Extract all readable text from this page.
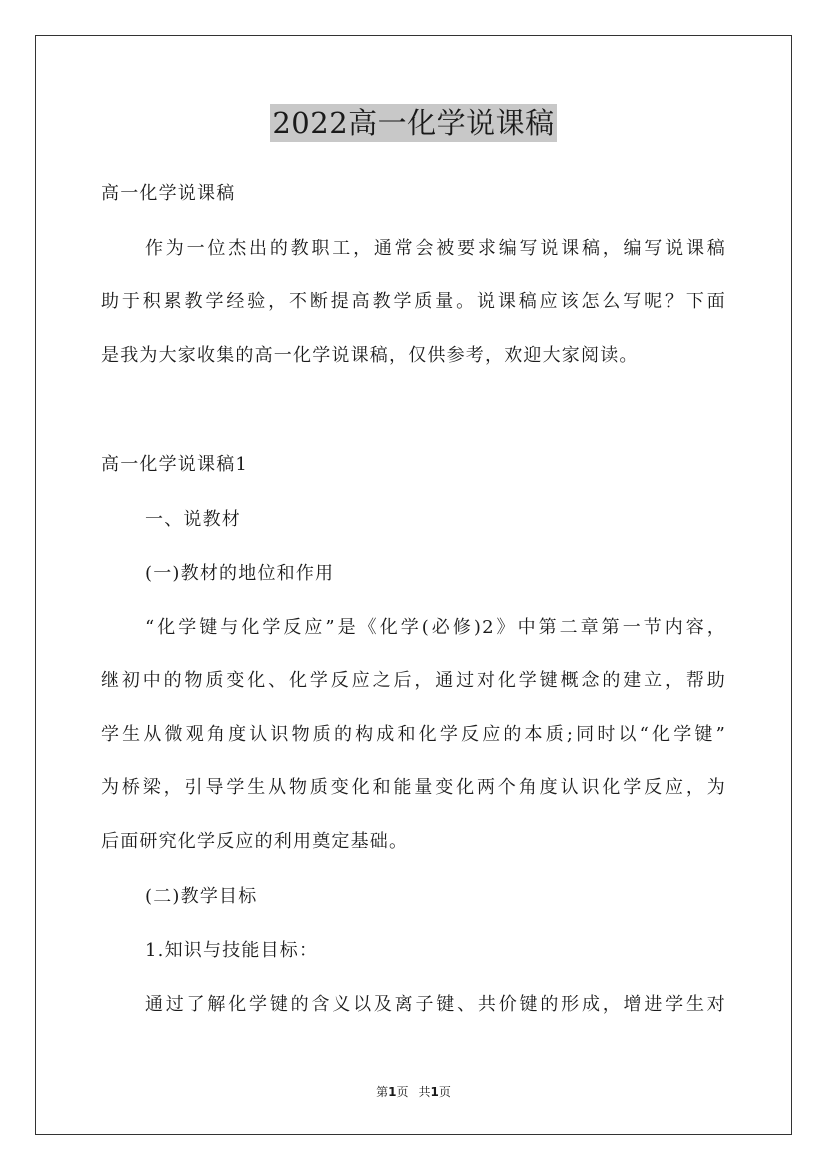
2022高一化学说课稿
高一化学说课稿
作为一位杰出的教职工，通常会被要求编写说课稿，编写说课稿
助于积累教学经验，不断提高教学质量。说课稿应该怎么写呢？下面
是我为大家收集的高一化学说课稿，仅供参考，欢迎大家阅读。
高一化学说课稿1
一、说教材
(一)教材的地位和作用
“化学键与化学反应”是《化学(必修)2》中第二章第一节内容，
继初中的物质变化、化学反应之后，通过对化学键概念的建立，帮助
学生从微观角度认识物质的构成和化学反应的本质;同时以“化学键”
为桥梁，引导学生从物质变化和能量变化两个角度认识化学反应，为
后面研究化学反应的利用奠定基础。
(二)教学目标
1.知识与技能目标：
通过了解化学键的含义以及离子键、共价键的形成，增进学生对
第1页 共1页
